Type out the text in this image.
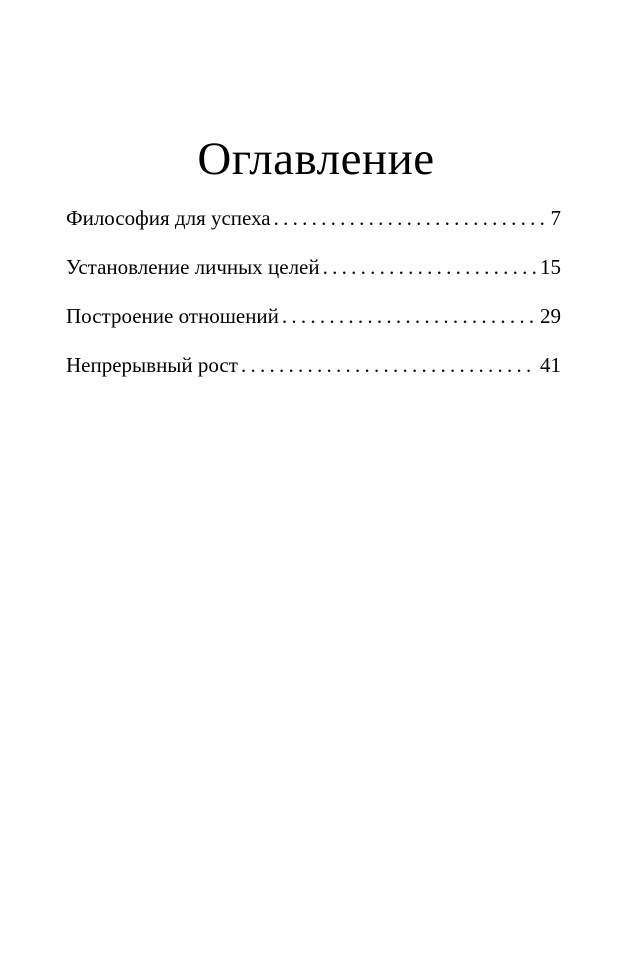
Оглавление
Философия для успеха . . .	7
Установление личных целей . . .	15
Построение отношений . . .	29
Непрерывный рост . . .	41
